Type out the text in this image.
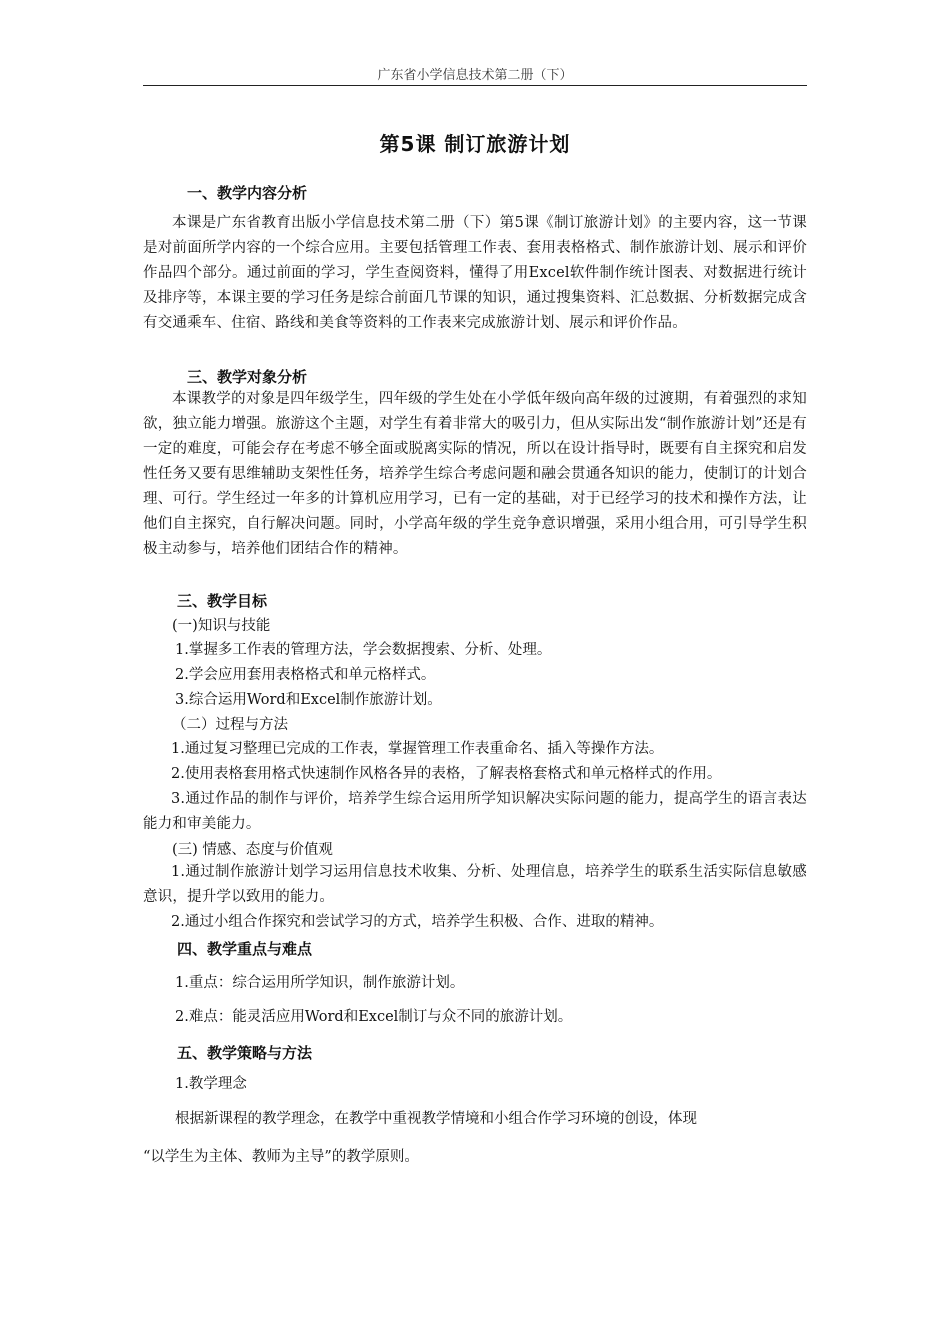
广东省小学信息技术第二册（下）
第5课 制订旅游计划
一、教学内容分析
本课是广东省教育出版小学信息技术第二册（下）第5课《制订旅游计划》的主要内容，这一节课是对前面所学内容的一个综合应用。主要包括管理工作表、套用表格格式、制作旅游计划、展示和评价作品四个部分。通过前面的学习，学生查阅资料，懂得了用Excel软件制作统计图表、对数据进行统计及排序等，本课主要的学习任务是综合前面几节课的知识，通过搜集资料、汇总数据、分析数据完成含有交通乘车、住宿、路线和美食等资料的工作表来完成旅游计划、展示和评价作品。
三、教学对象分析
本课教学的对象是四年级学生，四年级的学生处在小学低年级向高年级的过渡期，有着强烈的求知欲，独立能力增强。旅游这个主题，对学生有着非常大的吸引力，但从实际出发“制作旅游计划”还是有一定的难度，可能会存在考虑不够全面或脱离实际的情况，所以在设计指导时，既要有自主探究和启发性任务又要有思维辅助支架性任务，培养学生综合考虑问题和融会贯通各知识的能力，使制订的计划合理、可行。学生经过一年多的计算机应用学习，已有一定的基础，对于已经学习的技术和操作方法，让他们自主探究，自行解决问题。同时，小学高年级的学生竞争意识增强，采用小组合用，可引导学生积极主动参与，培养他们团结合作的精神。
三、教学目标
(一)知识与技能
1.掌握多工作表的管理方法，学会数据搜索、分析、处理。
2.学会应用套用表格格式和单元格样式。
3.综合运用Word和Excel制作旅游计划。
（二）过程与方法
1.通过复习整理已完成的工作表，掌握管理工作表重命名、插入等操作方法。
2.使用表格套用格式快速制作风格各异的表格，了解表格套格式和单元格样式的作用。
3.通过作品的制作与评价，培养学生综合运用所学知识解决实际问题的能力，提高学生的语言表达能力和审美能力。
(三) 情感、态度与价值观
1.通过制作旅游计划学习运用信息技术收集、分析、处理信息，培养学生的联系生活实际信息敏感意识，提升学以致用的能力。
2.通过小组合作探究和尝试学习的方式，培养学生积极、合作、进取的精神。
四、教学重点与难点
1.重点：综合运用所学知识，制作旅游计划。
2.难点：能灵活应用Word和Excel制订与众不同的旅游计划。
五、教学策略与方法
1.教学理念
根据新课程的教学理念，在教学中重视教学情境和小组合作学习环境的创设，体现
“以学生为主体、教师为主导”的教学原则。
